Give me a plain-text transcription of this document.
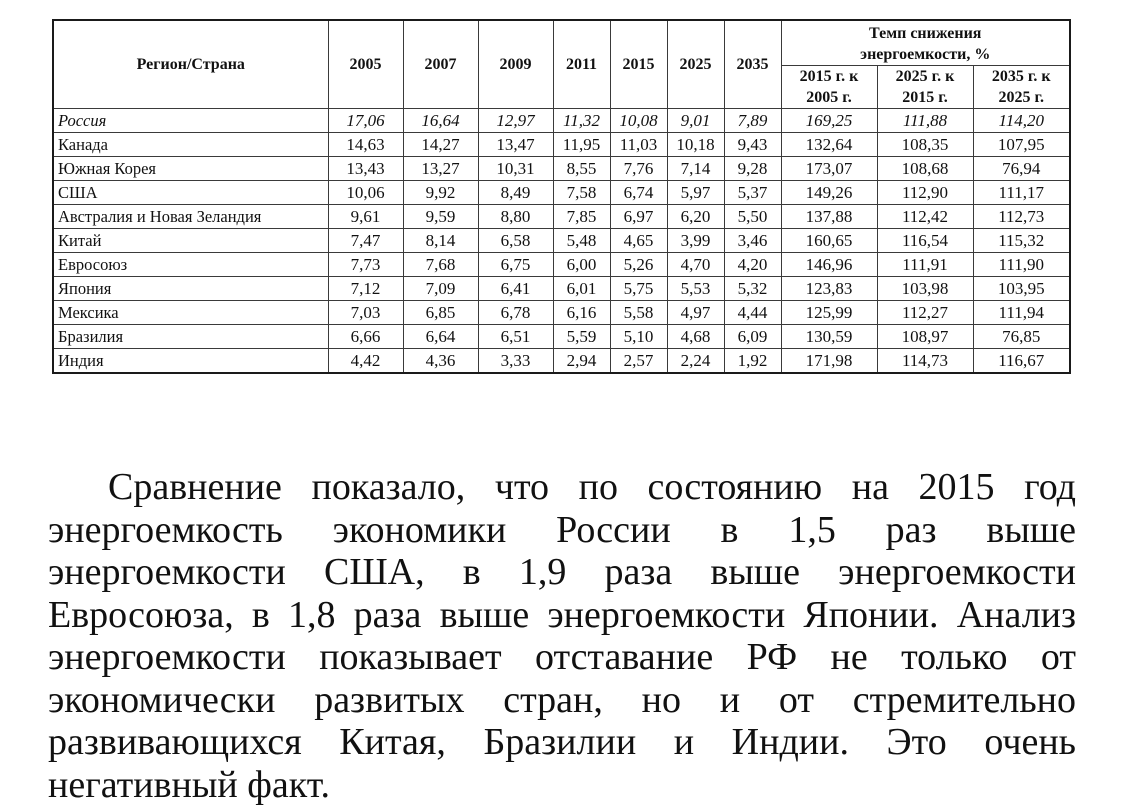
Регион/Страна	2005	2007	2009	2011	2015	2025	2035	Темп снижения энергоемкости, %		
								2015 г. к 2005 г.	2025 г. к 2015 г.	2035 г. к 2025 г.
Россия	17,06	16,64	12,97	11,32	10,08	9,01	7,89	169,25	111,88	114,20
Канада	14,63	14,27	13,47	11,95	11,03	10,18	9,43	132,64	108,35	107,95
Южная Корея	13,43	13,27	10,31	8,55	7,76	7,14	9,28	173,07	108,68	76,94
США	10,06	9,92	8,49	7,58	6,74	5,97	5,37	149,26	112,90	111,17
Австралия и Новая Зеландия	9,61	9,59	8,80	7,85	6,97	6,20	5,50	137,88	112,42	112,73
Китай	7,47	8,14	6,58	5,48	4,65	3,99	3,46	160,65	116,54	115,32
Евросоюз	7,73	7,68	6,75	6,00	5,26	4,70	4,20	146,96	111,91	111,90
Япония	7,12	7,09	6,41	6,01	5,75	5,53	5,32	123,83	103,98	103,95
Мексика	7,03	6,85	6,78	6,16	5,58	4,97	4,44	125,99	112,27	111,94
Бразилия	6,66	6,64	6,51	5,59	5,10	4,68	6,09	130,59	108,97	76,85
Индия	4,42	4,36	3,33	2,94	2,57	2,24	1,92	171,98	114,73	116,67

Сравнение показало, что по состоянию на 2015 год энергоемкость экономики России в 1,5 раз выше энергоемкости США, в 1,9 раза выше энергоемкости Евросоюза, в 1,8 раза выше энергоемкости Японии. Анализ энергоемкости показывает отставание РФ не только от экономически развитых стран, но и от стремительно развивающихся Китая, Бразилии и Индии. Это очень негативный факт.
